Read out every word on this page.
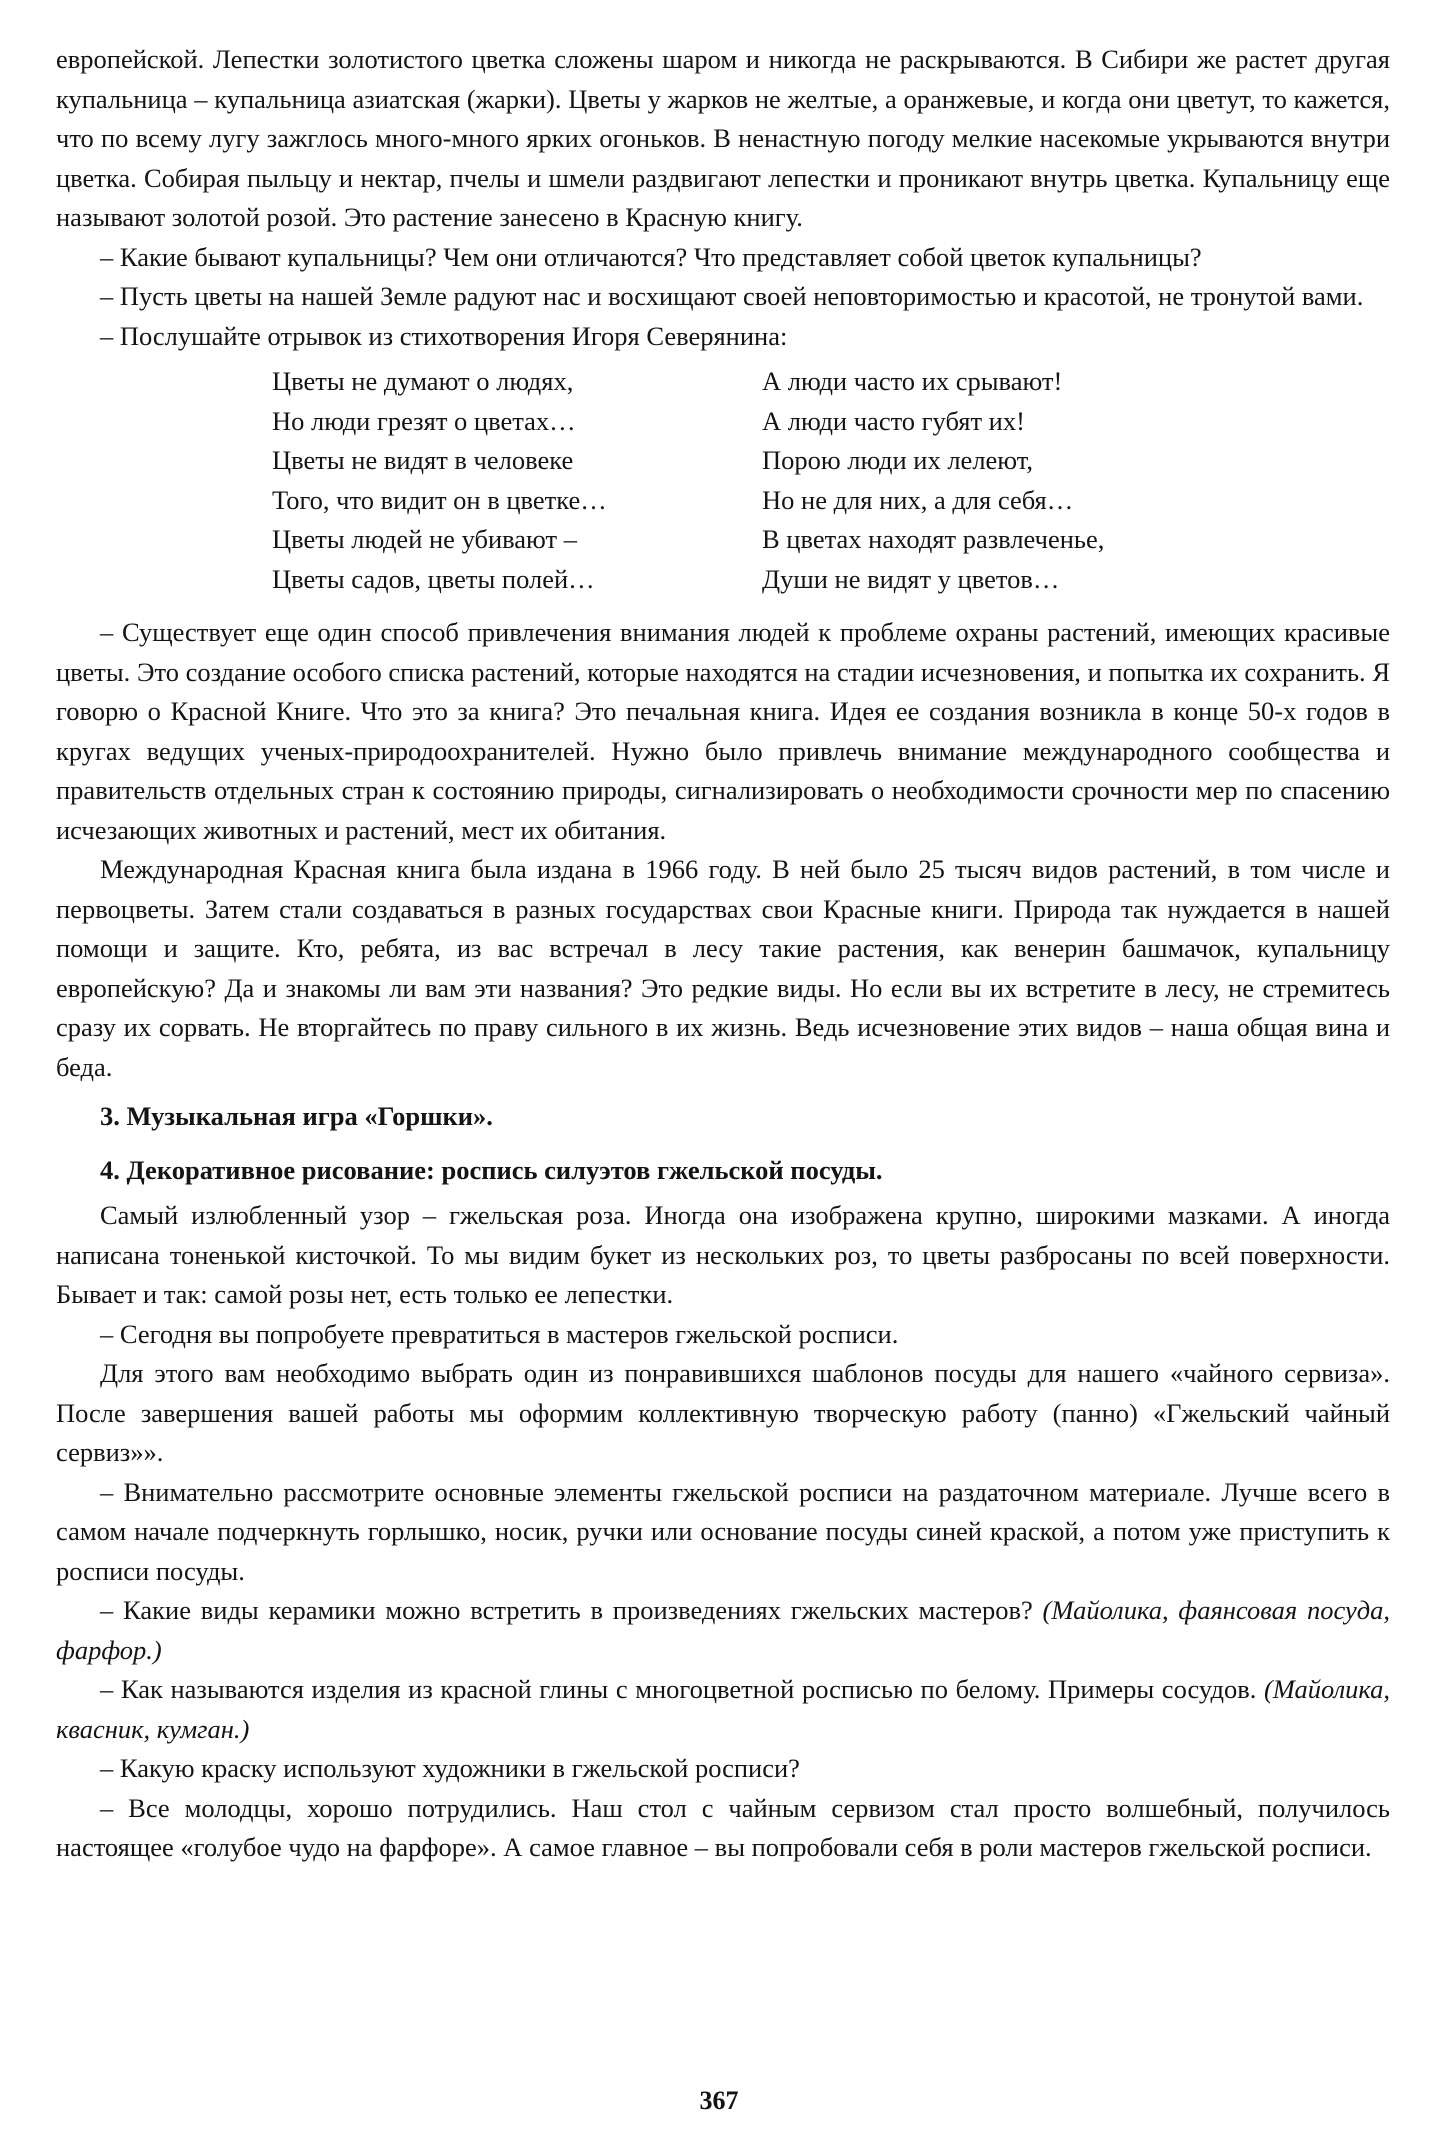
европейской. Лепестки золотистого цветка сложены шаром и никогда не раскрываются. В Сибири же растет другая купальница – купальница азиатская (жарки). Цветы у жарков не желтые, а оранжевые, и когда они цветут, то кажется, что по всему лугу зажглось много-много ярких огоньков. В ненастную погоду мелкие насекомые укрываются внутри цветка. Собирая пыльцу и нектар, пчелы и шмели раздвигают лепестки и проникают внутрь цветка. Купальницу еще называют золотой розой. Это растение занесено в Красную книгу.

– Какие бывают купальницы? Чем они отличаются? Что представляет собой цветок купальницы?

– Пусть цветы на нашей Земле радуют нас и восхищают своей неповторимостью и красотой, не тронутой вами.

– Послушайте отрывок из стихотворения Игоря Северянина:

Цветы не думают о людях,	А люди часто их срывают!
Но люди грезят о цветах…	А люди часто губят их!
Цветы не видят в человеке	Порою люди их лелеют,
Того, что видит он в цветке…	Но не для них, а для себя…
Цветы людей не убивают –	В цветах находят развлеченье,
Цветы садов, цветы полей…	Души не видят у цветов…

– Существует еще один способ привлечения внимания людей к проблеме охраны растений, имеющих красивые цветы. Это создание особого списка растений, которые находятся на стадии исчезновения, и попытка их сохранить. Я говорю о Красной Книге. Что это за книга? Это печальная книга. Идея ее создания возникла в конце 50-х годов в кругах ведущих ученых-природоохранителей. Нужно было привлечь внимание международного сообщества и правительств отдельных стран к состоянию природы, сигнализировать о необходимости срочности мер по спасению исчезающих животных и растений, мест их обитания.

Международная Красная книга была издана в 1966 году. В ней было 25 тысяч видов растений, в том числе и первоцветы. Затем стали создаваться в разных государствах свои Красные книги. Природа так нуждается в нашей помощи и защите. Кто, ребята, из вас встречал в лесу такие растения, как венерин башмачок, купальницу европейскую? Да и знакомы ли вам эти названия? Это редкие виды. Но если вы их встретите в лесу, не стремитесь сразу их сорвать. Не вторгайтесь по праву сильного в их жизнь. Ведь исчезновение этих видов – наша общая вина и беда.

3. Музыкальная игра «Горшки».

4. Декоративное рисование: роспись силуэтов гжельской посуды.

Самый излюбленный узор – гжельская роза. Иногда она изображена крупно, широкими мазками. А иногда написана тоненькой кисточкой. То мы видим букет из нескольких роз, то цветы разбросаны по всей поверхности. Бывает и так: самой розы нет, есть только ее лепестки.

– Сегодня вы попробуете превратиться в мастеров гжельской росписи.

Для этого вам необходимо выбрать один из понравившихся шаблонов посуды для нашего «чайного сервиза». После завершения вашей работы мы оформим коллективную творческую работу (панно) «Гжельский чайный сервиз»».

– Внимательно рассмотрите основные элементы гжельской росписи на раздаточном материале. Лучше всего в самом начале подчеркнуть горлышко, носик, ручки или основание посуды синей краской, а потом уже приступить к росписи посуды.

– Какие виды керамики можно встретить в произведениях гжельских мастеров? (Майолика, фаянсовая посуда, фарфор.)

– Как называются изделия из красной глины с многоцветной росписью по белому. Примеры сосудов. (Майолика, квасник, кумган.)

– Какую краску используют художники в гжельской росписи?

– Все молодцы, хорошо потрудились. Наш стол с чайным сервизом стал просто волшебный, получилось настоящее «голубое чудо на фарфоре». А самое главное – вы попробовали себя в роли мастеров гжельской росписи.

367
